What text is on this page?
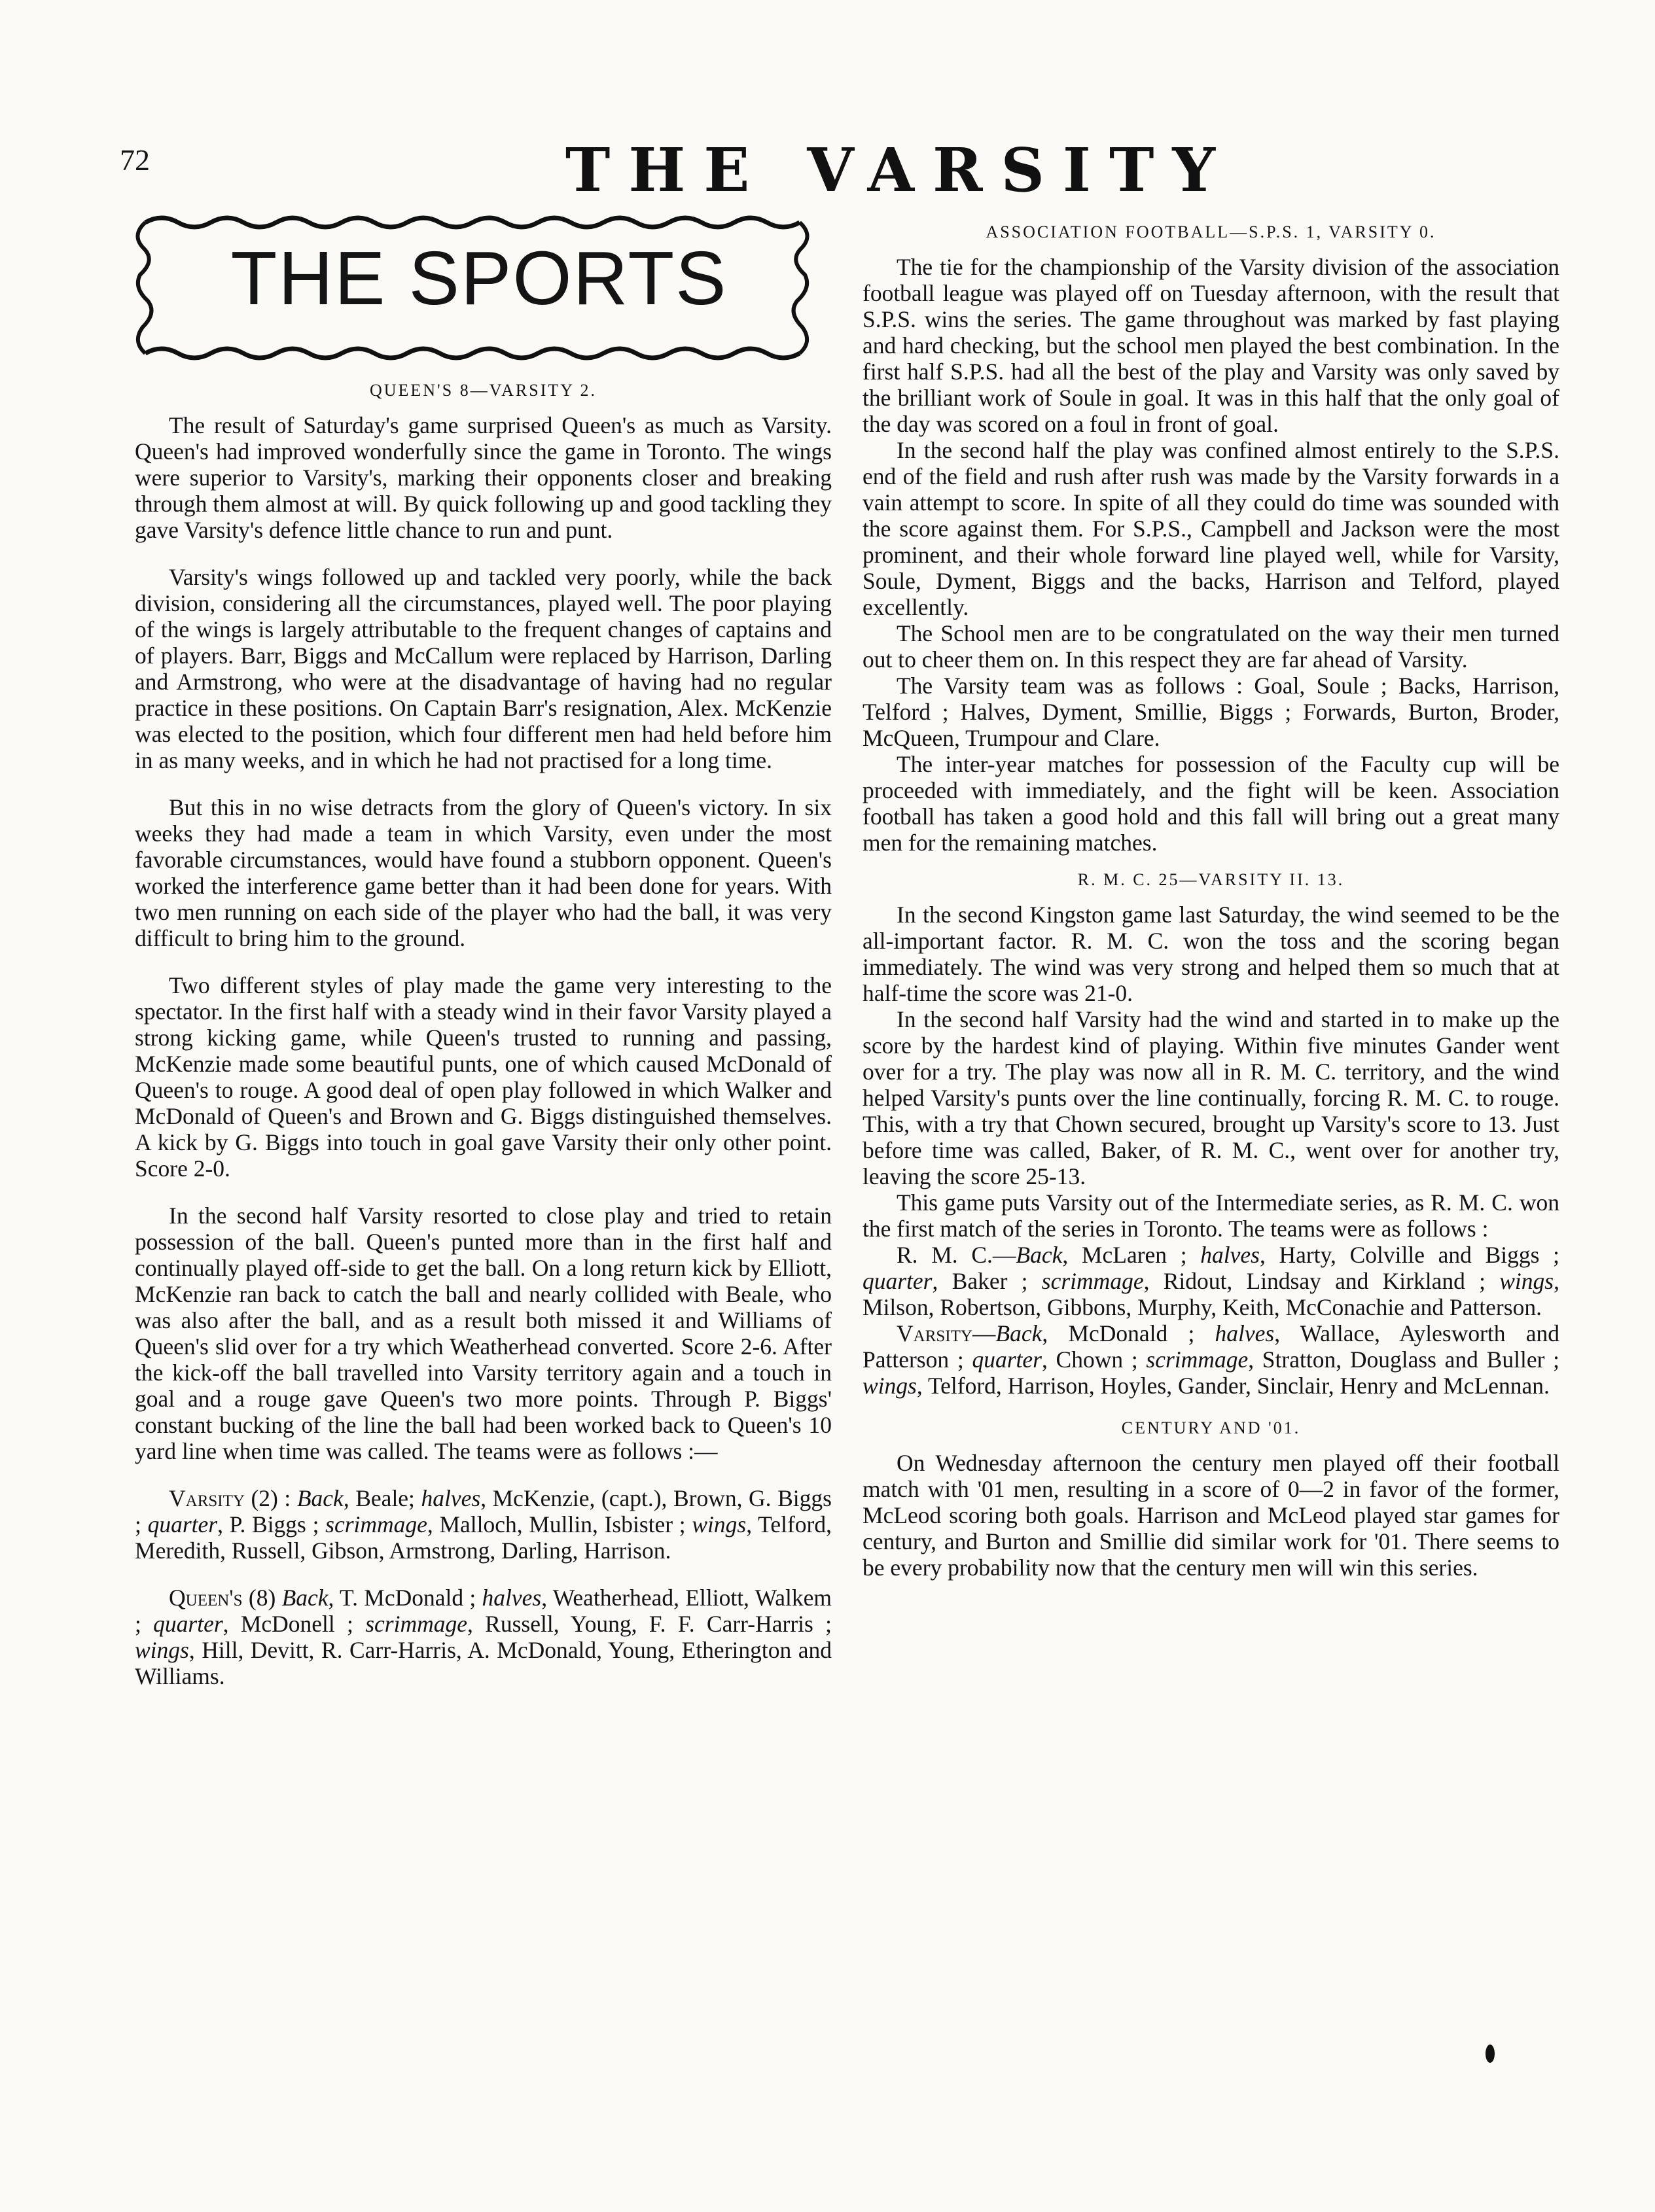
72	THE VARSITY
THE SPORTS
QUEEN'S 8—VARSITY 2.

The result of Saturday's game surprised Queen's as much as Varsity. Queen's had improved wonderfully since the game in Toronto. The wings were superior to Varsity's, marking their opponents closer and breaking through them almost at will. By quick following up and good tackling they gave Varsity's defence little chance to run and punt.

Varsity's wings followed up and tackled very poorly, while the back division, considering all the circumstances, played well. The poor playing of the wings is largely attributable to the frequent changes of captains and of players. Barr, Biggs and McCallum were replaced by Harrison, Darling and Armstrong, who were at the disadvantage of having had no regular practice in these positions. On Captain Barr's resignation, Alex. McKenzie was elected to the position, which four different men had held before him in as many weeks, and in which he had not practised for a long time.

But this in no wise detracts from the glory of Queen's victory. In six weeks they had made a team in which Varsity, even under the most favorable circumstances, would have found a stubborn opponent. Queen's worked the interference game better than it had been done for years. With two men running on each side of the player who had the ball, it was very difficult to bring him to the ground.

Two different styles of play made the game very interesting to the spectator. In the first half with a steady wind in their favor Varsity played a strong kicking game, while Queen's trusted to running and passing, McKenzie made some beautiful punts, one of which caused McDonald of Queen's to rouge. A good deal of open play followed in which Walker and McDonald of Queen's and Brown and G. Biggs distinguished themselves. A kick by G. Biggs into touch in goal gave Varsity their only other point. Score 2-0.

In the second half Varsity resorted to close play and tried to retain possession of the ball. Queen's punted more than in the first half and continually played off-side to get the ball. On a long return kick by Elliott, McKenzie ran back to catch the ball and nearly collided with Beale, who was also after the ball, and as a result both missed it and Williams of Queen's slid over for a try which Weatherhead converted. Score 2-6. After the kick-off the ball travelled into Varsity territory again and a touch in goal and a rouge gave Queen's two more points. Through P. Biggs' constant bucking of the line the ball had been worked back to Queen's 10 yard line when time was called. The teams were as follows :—

Varsity (2) : Back, Beale; halves, McKenzie, (capt.), Brown, G. Biggs ; quarter, P. Biggs ; scrimmage, Malloch, Mullin, Isbister ; wings, Telford, Meredith, Russell, Gibson, Armstrong, Darling, Harrison.

Queen's (8) Back, T. McDonald ; halves, Weatherhead, Elliott, Walkem ; quarter, McDonell ; scrimmage, Russell, Young, F. F. Carr-Harris ; wings, Hill, Devitt, R. Carr-Harris, A. McDonald, Young, Etherington and Williams.

ASSOCIATION FOOTBALL—S.P.S. 1, VARSITY 0.

The tie for the championship of the Varsity division of the association football league was played off on Tuesday afternoon, with the result that S.P.S. wins the series. The game throughout was marked by fast playing and hard checking, but the school men played the best combination. In the first half S.P.S. had all the best of the play and Varsity was only saved by the brilliant work of Soule in goal. It was in this half that the only goal of the day was scored on a foul in front of goal.

In the second half the play was confined almost entirely to the S.P.S. end of the field and rush after rush was made by the Varsity forwards in a vain attempt to score. In spite of all they could do time was sounded with the score against them. For S.P.S., Campbell and Jackson were the most prominent, and their whole forward line played well, while for Varsity, Soule, Dyment, Biggs and the backs, Harrison and Telford, played excellently.

The School men are to be congratulated on the way their men turned out to cheer them on. In this respect they are far ahead of Varsity.

The Varsity team was as follows : Goal, Soule ; Backs, Harrison, Telford ; Halves, Dyment, Smillie, Biggs ; Forwards, Burton, Broder, McQueen, Trumpour and Clare.

The inter-year matches for possession of the Faculty cup will be proceeded with immediately, and the fight will be keen. Association football has taken a good hold and this fall will bring out a great many men for the remaining matches.

R. M. C. 25—VARSITY II. 13.

In the second Kingston game last Saturday, the wind seemed to be the all-important factor. R. M. C. won the toss and the scoring began immediately. The wind was very strong and helped them so much that at half-time the score was 21-0.

In the second half Varsity had the wind and started in to make up the score by the hardest kind of playing. Within five minutes Gander went over for a try. The play was now all in R. M. C. territory, and the wind helped Varsity's punts over the line continually, forcing R. M. C. to rouge. This, with a try that Chown secured, brought up Varsity's score to 13. Just before time was called, Baker, of R. M. C., went over for another try, leaving the score 25-13.

This game puts Varsity out of the Intermediate series, as R. M. C. won the first match of the series in Toronto. The teams were as follows :

R. M. C.—Back, McLaren ; halves, Harty, Colville and Biggs ; quarter, Baker ; scrimmage, Ridout, Lindsay and Kirkland ; wings, Milson, Robertson, Gibbons, Murphy, Keith, McConachie and Patterson.

Varsity—Back, McDonald ; halves, Wallace, Aylesworth and Patterson ; quarter, Chown ; scrimmage, Stratton, Douglass and Buller ; wings, Telford, Harrison, Hoyles, Gander, Sinclair, Henry and McLennan.

CENTURY AND '01.

On Wednesday afternoon the century men played off their football match with '01 men, resulting in a score of 0—2 in favor of the former, McLeod scoring both goals. Harrison and McLeod played star games for century, and Burton and Smillie did similar work for '01. There seems to be every probability now that the century men will win this series.
